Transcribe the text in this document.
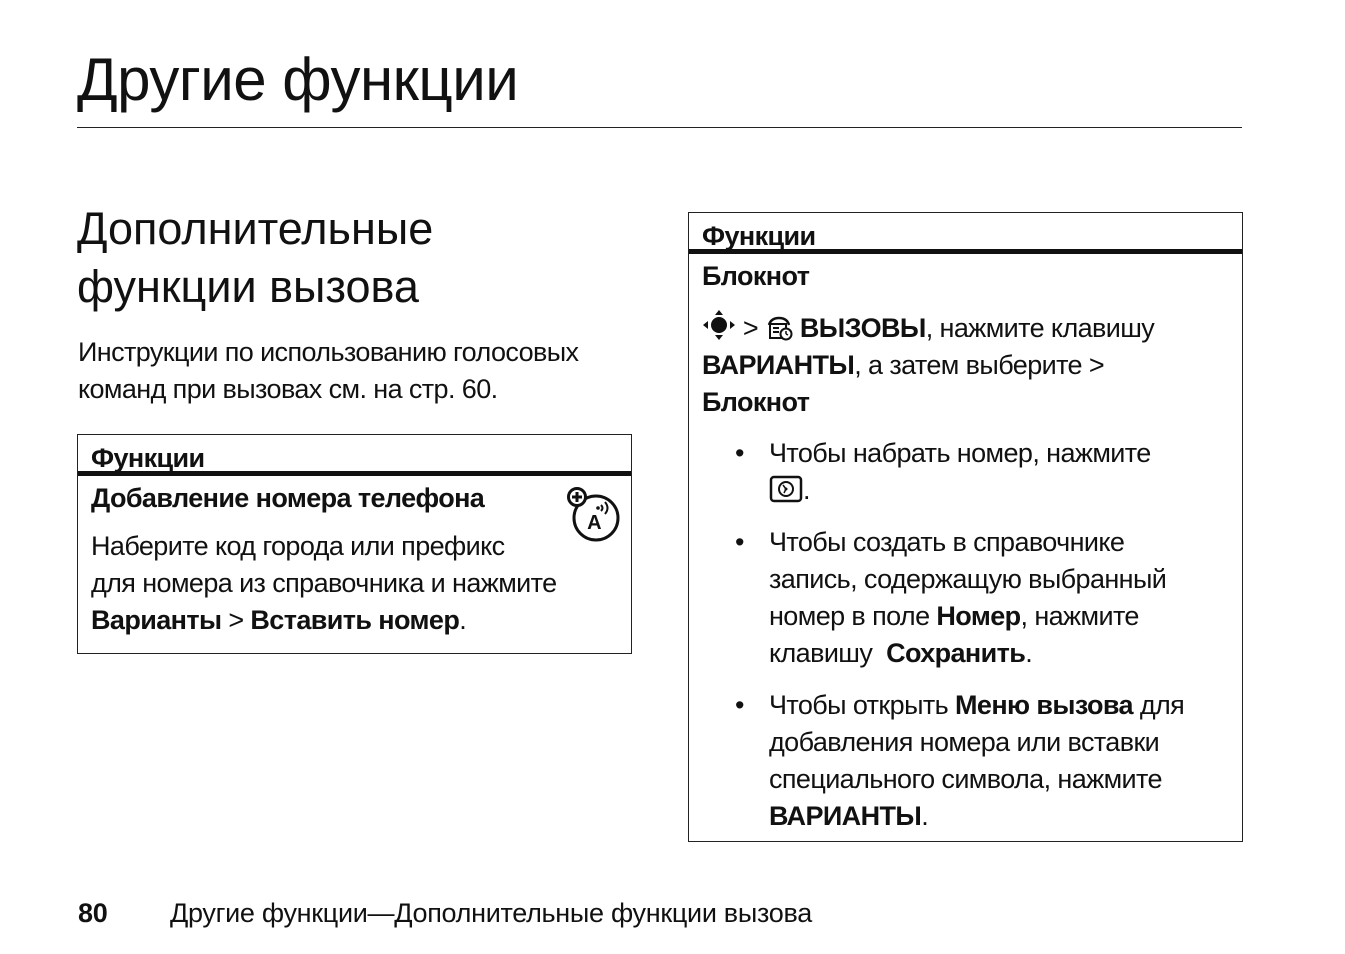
Другие функции
Дополнительные
функции вызова
Инструкции по использованию голосовых
команд при вызовах см. на стр. 60.
Функции
Добавление номера телефона
A
Наберите код города или префикс
для номера из справочника и нажмите
Варианты > Вставить номер.
Функции
Блокнот
>  ВЫЗОВЫ, нажмите клавишу
ВАРИАНТЫ, а затем выберите >
Блокнот
• Чтобы набрать номер, нажмите
.
• Чтобы создать в справочнике
запись, содержащую выбранный
номер в поле Номер, нажмите
клавишу  Сохранить.
• Чтобы открыть Меню вызова для
добавления номера или вставки
специального символа, нажмите
ВАРИАНТЫ.
80 Другие функции—Дополнительные функции вызова
